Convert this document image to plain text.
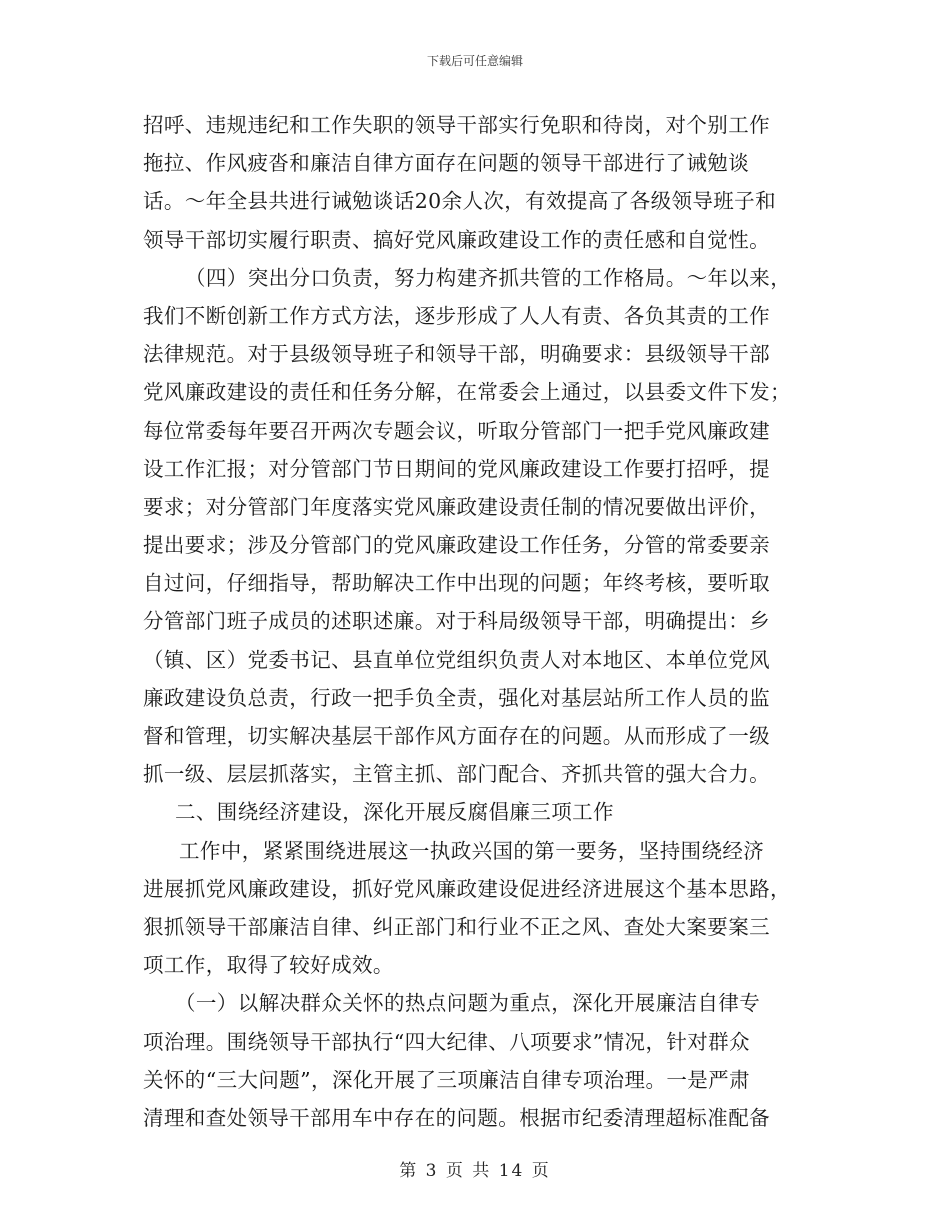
下载后可任意编辑
招呼、违规违纪和工作失职的领导干部实行免职和待岗，对个别工作
拖拉、作风疲沓和廉洁自律方面存在问题的领导干部进行了诫勉谈
话。～年全县共进行诫勉谈话20余人次，有效提高了各级领导班子和
领导干部切实履行职责、搞好党风廉政建设工作的责任感和自觉性。
（四）突出分口负责，努力构建齐抓共管的工作格局。～年以来，
我们不断创新工作方式方法，逐步形成了人人有责、各负其责的工作
法律规范。对于县级领导班子和领导干部，明确要求：县级领导干部
党风廉政建设的责任和任务分解，在常委会上通过，以县委文件下发；
每位常委每年要召开两次专题会议，听取分管部门一把手党风廉政建
设工作汇报；对分管部门节日期间的党风廉政建设工作要打招呼，提
要求；对分管部门年度落实党风廉政建设责任制的情况要做出评价，
提出要求；涉及分管部门的党风廉政建设工作任务，分管的常委要亲
自过问，仔细指导，帮助解决工作中出现的问题；年终考核，要听取
分管部门班子成员的述职述廉。对于科局级领导干部，明确提出：乡
（镇、区）党委书记、县直单位党组织负责人对本地区、本单位党风
廉政建设负总责，行政一把手负全责，强化对基层站所工作人员的监
督和管理，切实解决基层干部作风方面存在的问题。从而形成了一级
抓一级、层层抓落实，主管主抓、部门配合、齐抓共管的强大合力。
二、围绕经济建设，深化开展反腐倡廉三项工作
工作中，紧紧围绕进展这一执政兴国的第一要务，坚持围绕经济
进展抓党风廉政建设，抓好党风廉政建设促进经济进展这个基本思路，
狠抓领导干部廉洁自律、纠正部门和行业不正之风、查处大案要案三
项工作，取得了较好成效。
（一）以解决群众关怀的热点问题为重点，深化开展廉洁自律专
项治理。围绕领导干部执行“四大纪律、八项要求”情况，针对群众
关怀的“三大问题”，深化开展了三项廉洁自律专项治理。一是严肃
清理和查处领导干部用车中存在的问题。根据市纪委清理超标准配备
第 3 页 共 14 页
